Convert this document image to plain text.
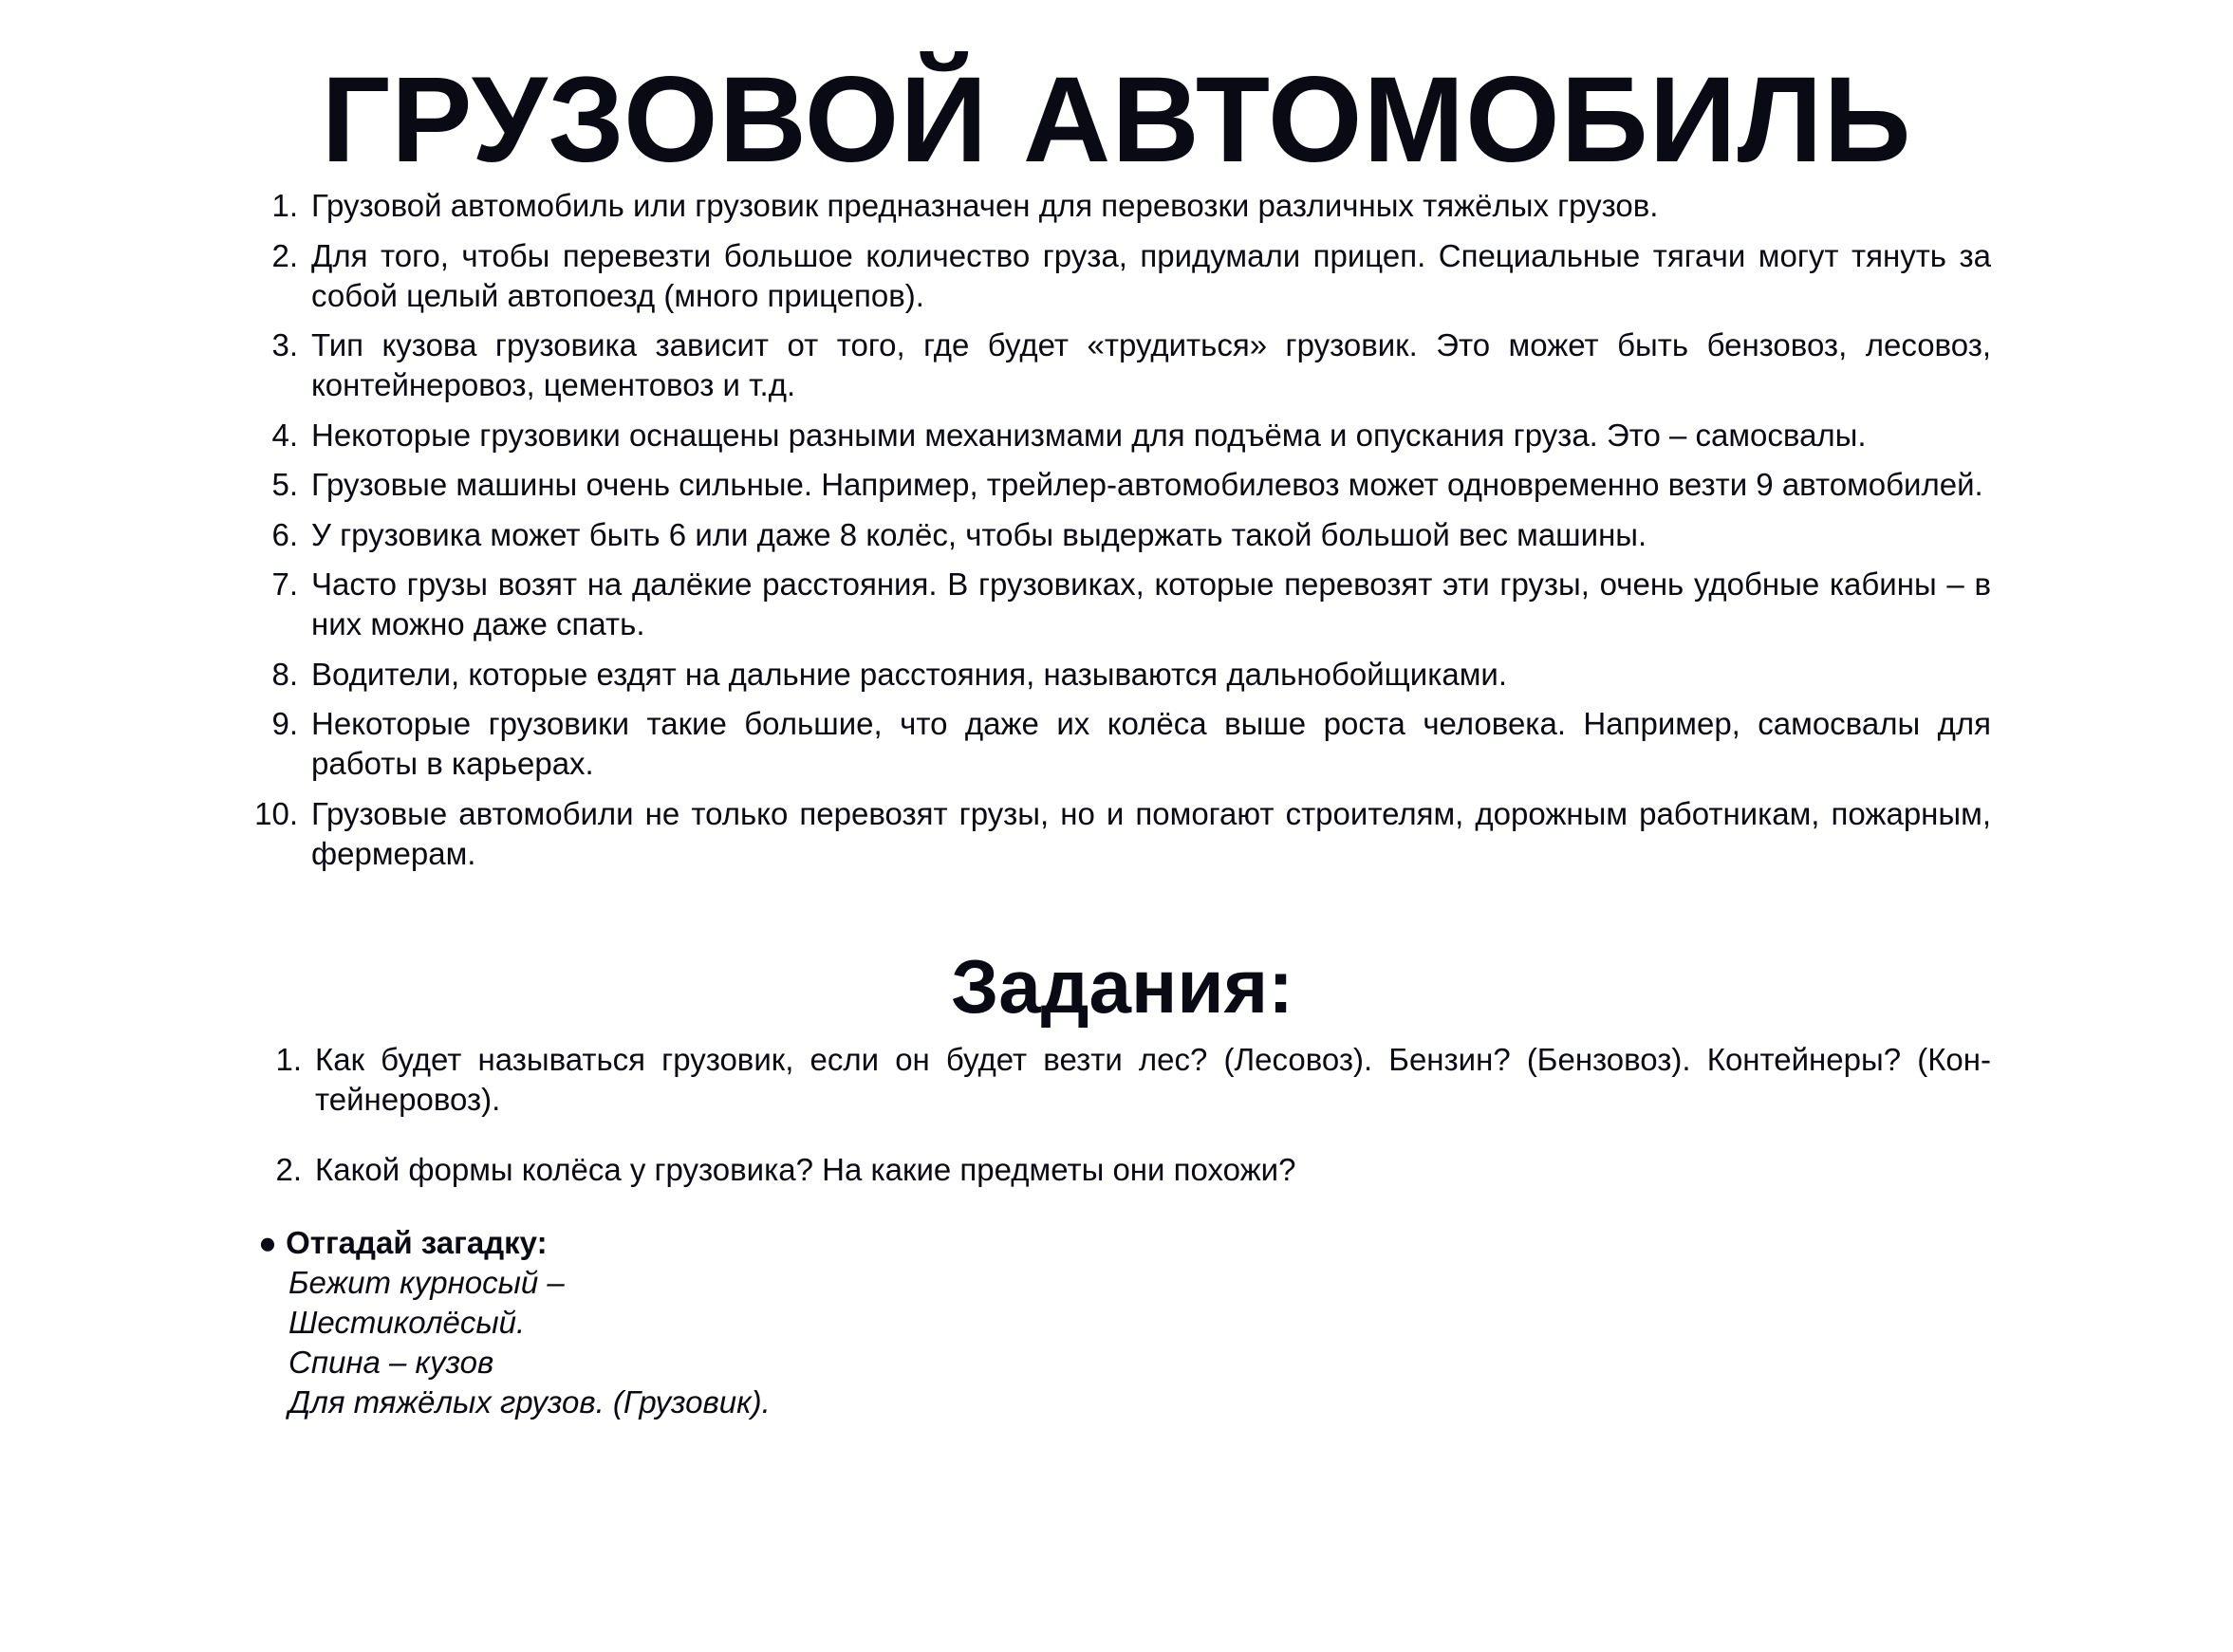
ГРУЗОВОЙ АВТОМОБИЛЬ
1. Грузовой автомобиль или грузовик предназначен для перевозки различных тяжёлых грузов.
2. Для того, чтобы перевезти большое количество груза, придумали прицеп. Специальные тягачи могут тянуть за собой целый автопоезд (много прицепов).
3. Тип кузова грузовика зависит от того, где будет «трудиться» грузовик. Это может быть бензовоз, лесовоз, контейнеровоз, цементовоз и т.д.
4. Некоторые грузовики оснащены разными механизмами для подъёма и опускания груза. Это – самосвалы.
5. Грузовые машины очень сильные. Например, трейлер-автомобилевоз может одновременно везти 9 автомобилей.
6. У грузовика может быть 6 или даже 8 колёс, чтобы выдержать такой большой вес машины.
7. Часто грузы возят на далёкие расстояния. В грузовиках, которые перевозят эти грузы, очень удобные кабины – в них можно даже спать.
8. Водители, которые ездят на дальние расстояния, называются дальнобойщиками.
9. Некоторые грузовики такие большие, что даже их колёса выше роста человека. Например, самосвалы для работы в карьерах.
10. Грузовые автомобили не только перевозят грузы, но и помогают строителям, дорожным работникам, пожарным, фермерам.
Задания:
1. Как будет называться грузовик, если он будет везти лес? (Лесовоз). Бензин? (Бензовоз). Контейнеры? (Контейнеровоз).
2. Какой формы колёса у грузовика? На какие предметы они похожи?
● Отгадай загадку:
Бежит курносый –
Шестиколёсый.
Спина – кузов
Для тяжёлых грузов. (Грузовик).
